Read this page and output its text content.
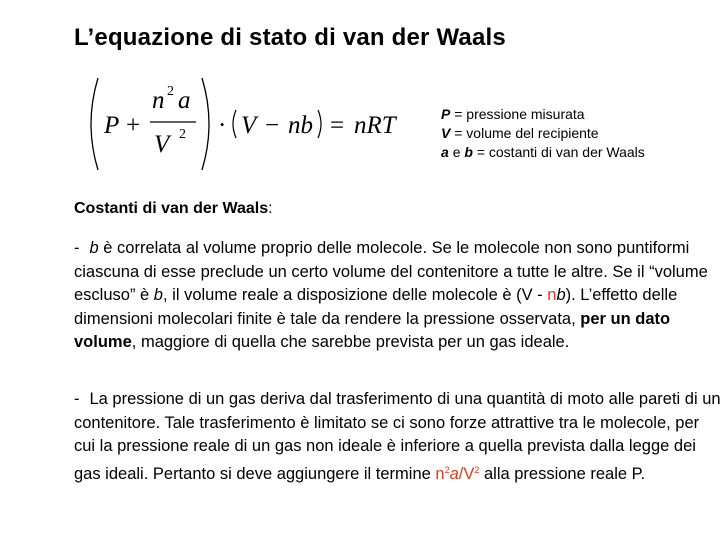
L’equazione di stato di van der Waals
P +
n 2 a
V 2 · V − nb = nRT	P = pressione misurata
V = volume del recipiente
a e b = costanti di van der Waals
Costanti di van der Waals:
- b è correlata al volume proprio delle molecole. Se le molecole non sono puntiformi ciascuna di esse preclude un certo volume del contenitore a tutte le altre. Se il “volume escluso” è b, il volume reale a disposizione delle molecole è (V - nb). L’effetto delle dimensioni molecolari finite è tale da rendere la pressione osservata, per un dato volume, maggiore di quella che sarebbe prevista per un gas ideale.
- La pressione di un gas deriva dal trasferimento di una quantità di moto alle pareti di un contenitore. Tale trasferimento è limitato se ci sono forze attrattive tra le molecole, per cui la pressione reale di un gas non ideale è inferiore a quella prevista dalla legge dei gas ideali. Pertanto si deve aggiungere il termine $n^2a/V^2$ alla pressione reale P.
